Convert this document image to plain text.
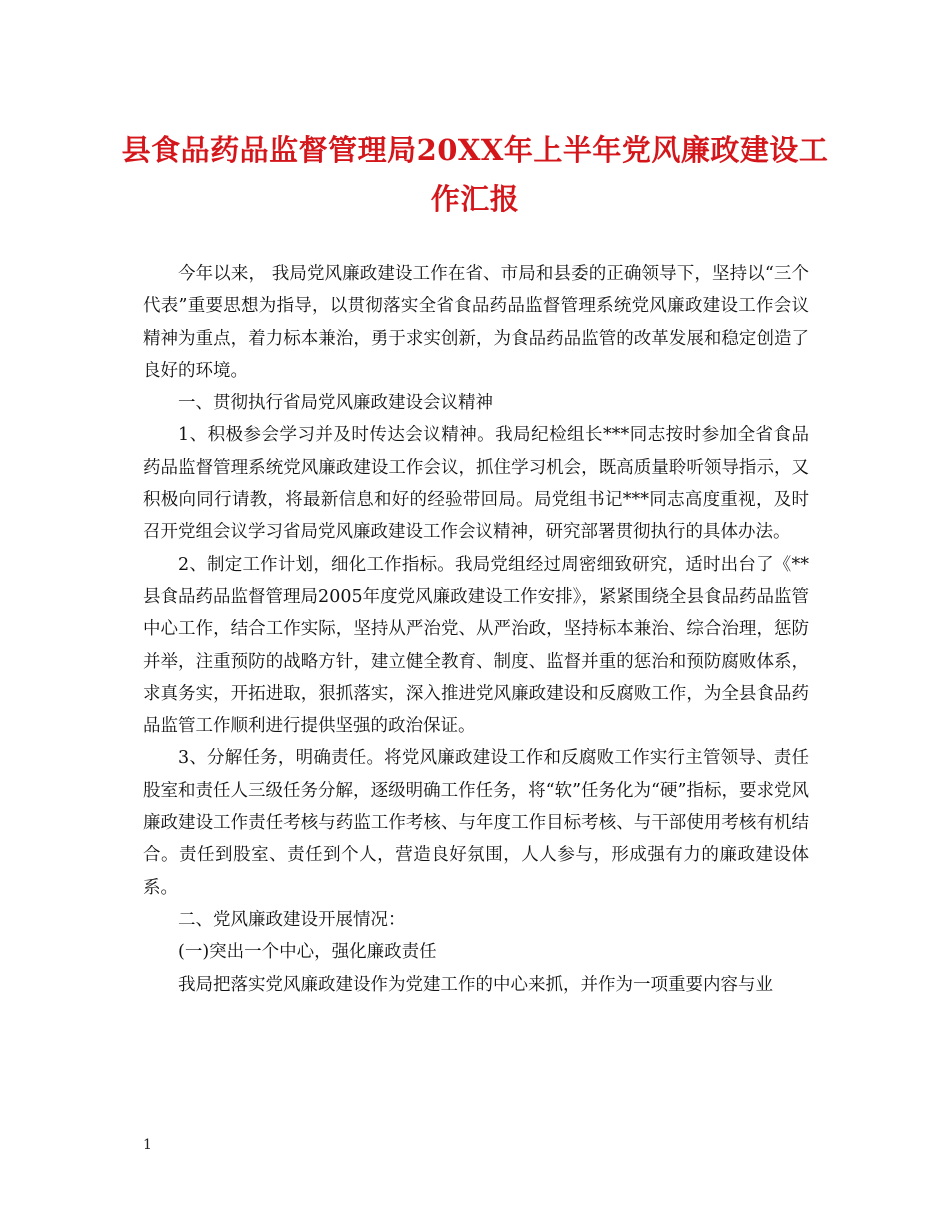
县食品药品监督管理局20XX年上半年党风廉政建设工
作汇报

今年以来， 我局党风廉政建设工作在省、市局和县委的正确领导下，坚持以“三个代表”重要思想为指导，以贯彻落实全省食品药品监督管理系统党风廉政建设工作会议精神为重点，着力标本兼治，勇于求实创新，为食品药品监管的改革发展和稳定创造了良好的环境。

一、贯彻执行省局党风廉政建设会议精神

1、积极参会学习并及时传达会议精神。我局纪检组长***同志按时参加全省食品药品监督管理系统党风廉政建设工作会议，抓住学习机会，既高质量聆听领导指示，又积极向同行请教，将最新信息和好的经验带回局。局党组书记***同志高度重视，及时召开党组会议学习省局党风廉政建设工作会议精神，研究部署贯彻执行的具体办法。

2、制定工作计划，细化工作指标。我局党组经过周密细致研究，适时出台了《**县食品药品监督管理局2005年度党风廉政建设工作安排》，紧紧围绕全县食品药品监管中心工作，结合工作实际，坚持从严治党、从严治政，坚持标本兼治、综合治理，惩防并举，注重预防的战略方针，建立健全教育、制度、监督并重的惩治和预防腐败体系，求真务实，开拓进取，狠抓落实，深入推进党风廉政建设和反腐败工作，为全县食品药品监管工作顺利进行提供坚强的政治保证。

3、分解任务，明确责任。将党风廉政建设工作和反腐败工作实行主管领导、责任股室和责任人三级任务分解，逐级明确工作任务，将“软”任务化为“硬”指标，要求党风廉政建设工作责任考核与药监工作考核、与年度工作目标考核、与干部使用考核有机结合。责任到股室、责任到个人，营造良好氛围，人人参与，形成强有力的廉政建设体系。

二、党风廉政建设开展情况：

(一)突出一个中心，强化廉政责任

我局把落实党风廉政建设作为党建工作的中心来抓，并作为一项重要内容与业

1
